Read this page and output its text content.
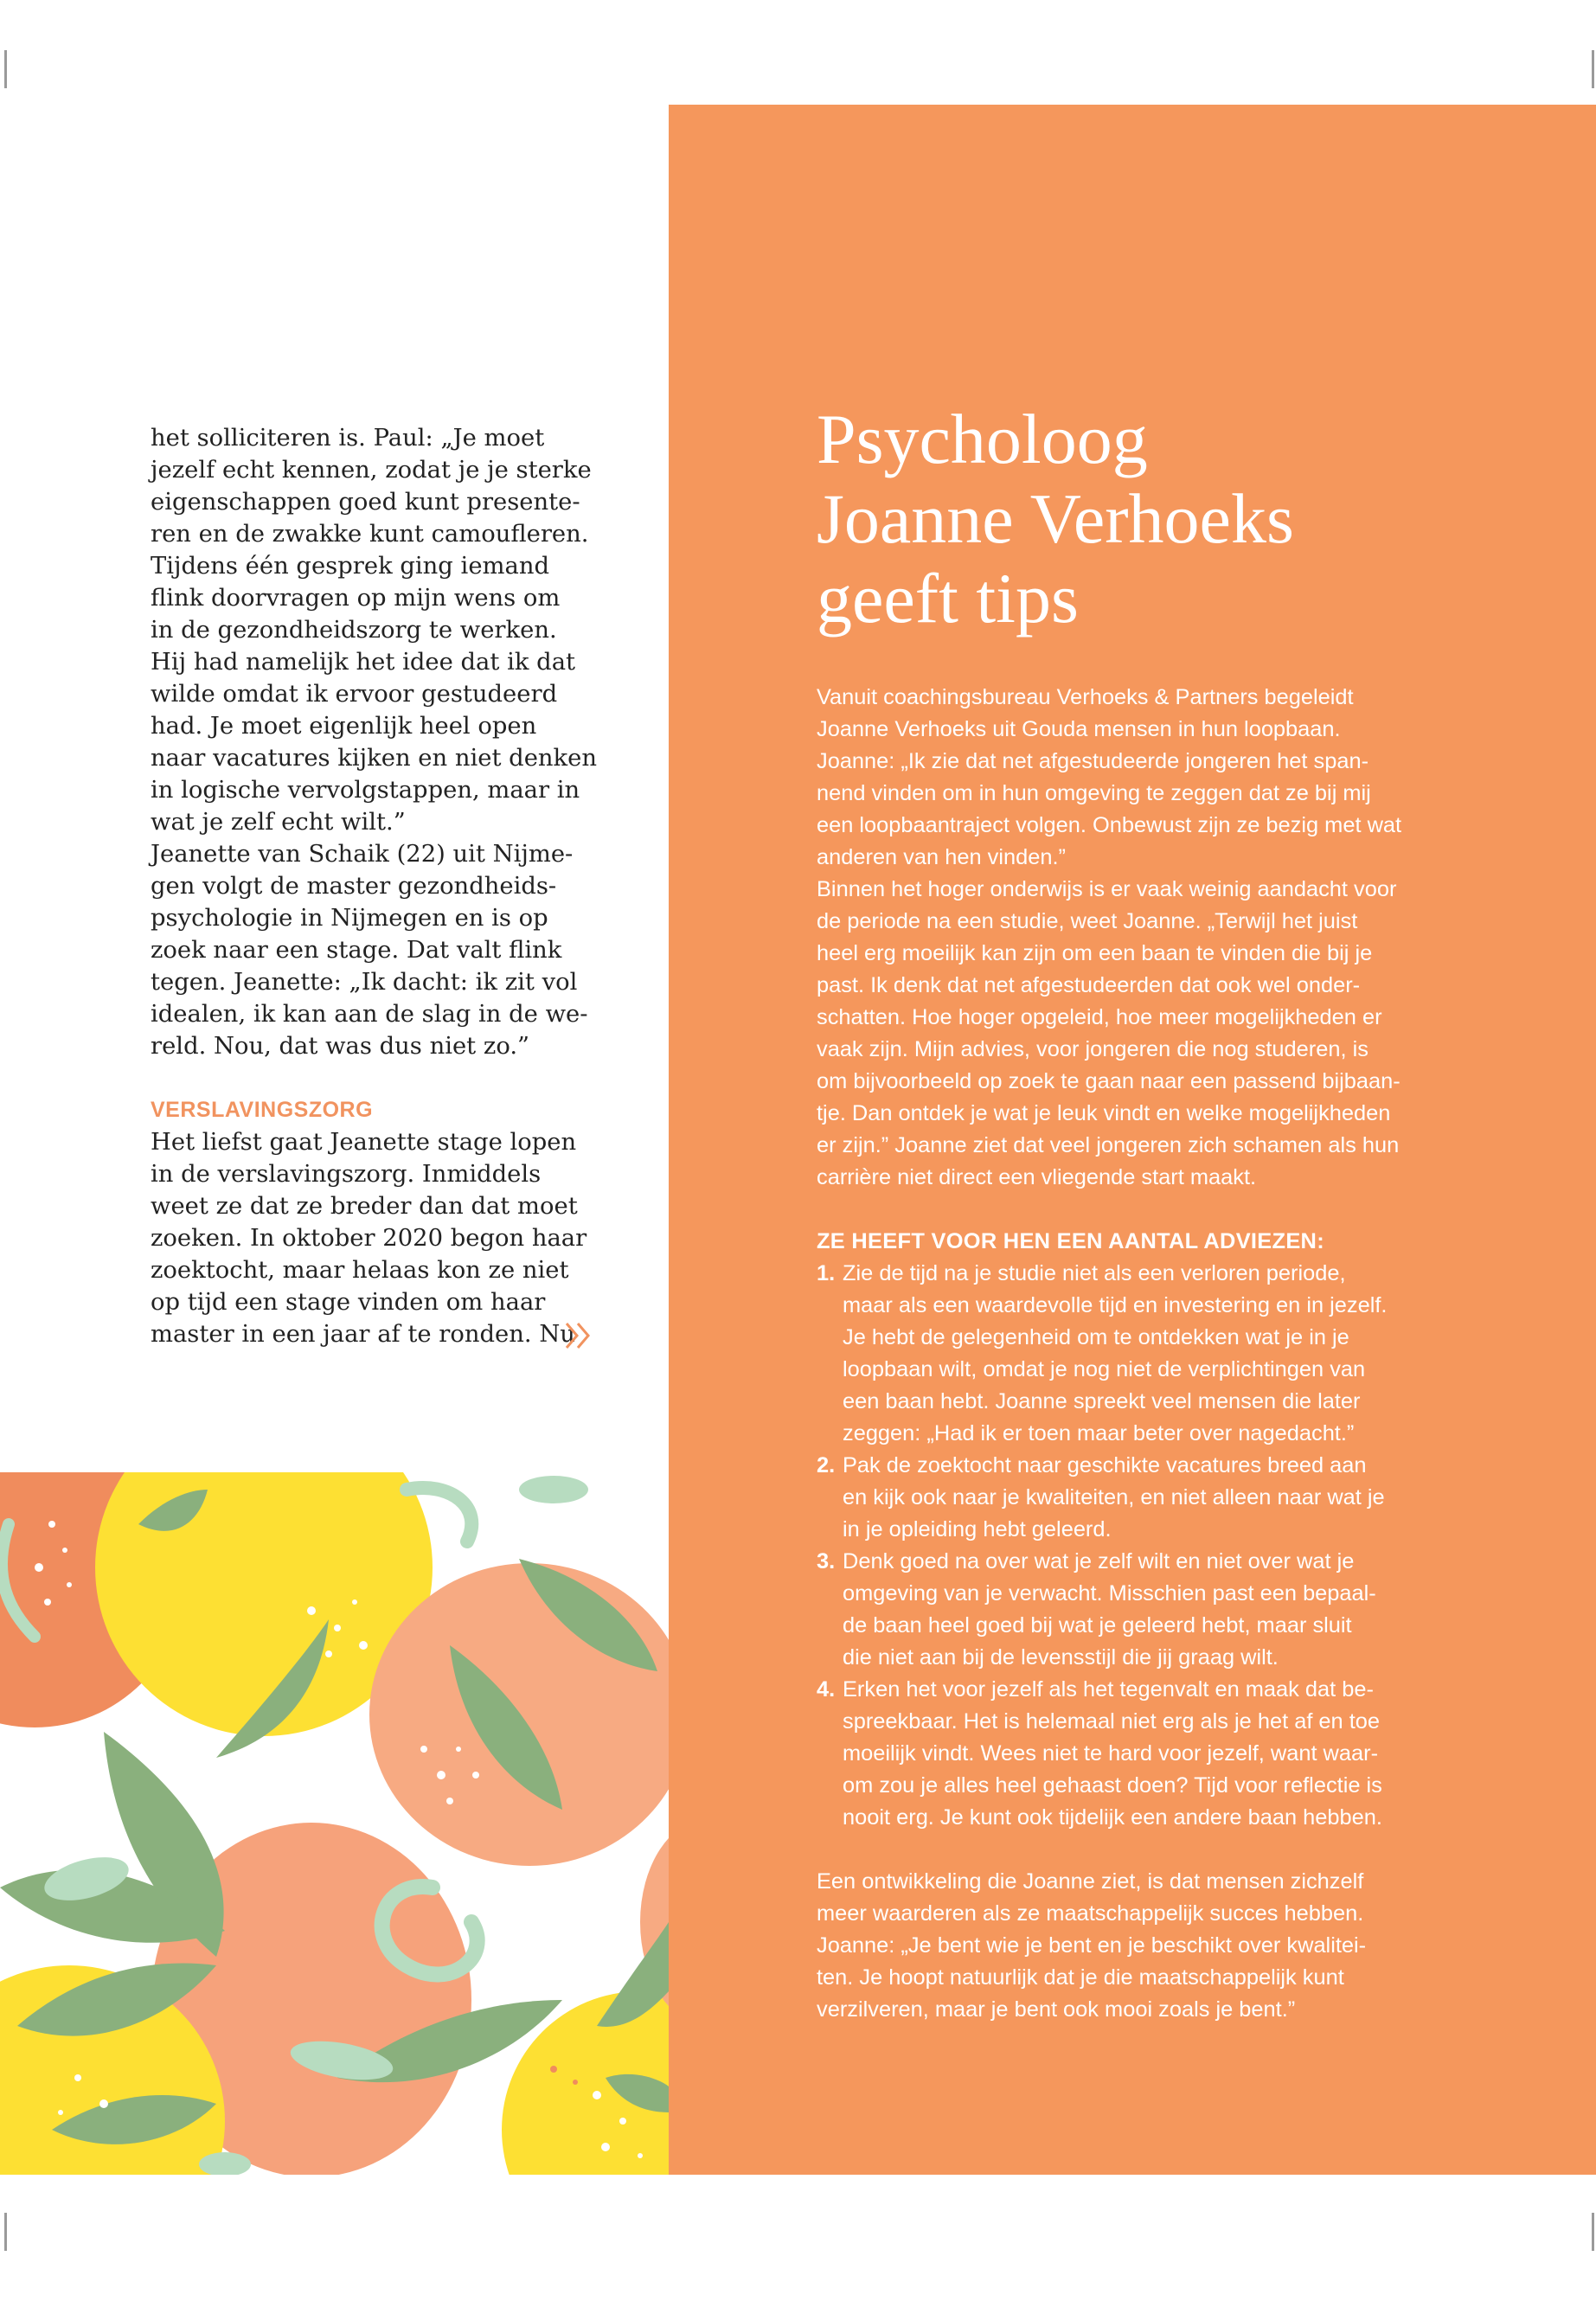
het solliciteren is. Paul: „Je moet

jezelf echt kennen, zodat je je sterke

eigenschappen goed kunt presente-

ren en de zwakke kunt camoufleren.

Tijdens één gesprek ging iemand

flink doorvragen op mijn wens om

in de gezondheidszorg te werken.

Hij had namelijk het idee dat ik dat

wilde omdat ik ervoor gestudeerd

had. Je moet eigenlijk heel open

naar vacatures kijken en niet denken

in logische vervolgstappen, maar in

wat je zelf echt wilt.”

Jeanette van Schaik (22) uit Nijme-

gen volgt de master gezondheids-

psychologie in Nijmegen en is op

zoek naar een stage. Dat valt flink

tegen. Jeanette: „Ik dacht: ik zit vol

idealen, ik kan aan de slag in de we-

reld. Nou, dat was dus niet zo.”

VERSLAVINGSZORG

Het liefst gaat Jeanette stage lopen

in de verslavingszorg. Inmiddels

weet ze dat ze breder dan dat moet

zoeken. In oktober 2020 begon haar

zoektocht, maar helaas kon ze niet

op tijd een stage vinden om haar

master in een jaar af te ronden. Nu

Psycholoog
Joanne Verhoeks
geeft tips

Vanuit coachingsbureau Verhoeks & Partners begeleidt

Joanne Verhoeks uit Gouda mensen in hun loopbaan.

Joanne: „Ik zie dat net afgestudeerde jongeren het span-

nend vinden om in hun omgeving te zeggen dat ze bij mij

een loopbaantraject volgen. Onbewust zijn ze bezig met wat

anderen van hen vinden.”

Binnen het hoger onderwijs is er vaak weinig aandacht voor

de periode na een studie, weet Joanne. „Terwijl het juist

heel erg moeilijk kan zijn om een baan te vinden die bij je

past. Ik denk dat net afgestudeerden dat ook wel onder-

schatten. Hoe hoger opgeleid, hoe meer mogelijkheden er

vaak zijn. Mijn advies, voor jongeren die nog studeren, is

om bijvoorbeeld op zoek te gaan naar een passend bijbaan-

tje. Dan ontdek je wat je leuk vindt en welke mogelijkheden

er zijn.” Joanne ziet dat veel jongeren zich schamen als hun

carrière niet direct een vliegende start maakt.

ZE HEEFT VOOR HEN EEN AANTAL ADVIEZEN:

1. Zie de tijd na je studie niet als een verloren periode,

maar als een waardevolle tijd en investering en in jezelf.

Je hebt de gelegenheid om te ontdekken wat je in je

loopbaan wilt, omdat je nog niet de verplichtingen van

een baan hebt. Joanne spreekt veel mensen die later

zeggen: „Had ik er toen maar beter over nagedacht.”

2. Pak de zoektocht naar geschikte vacatures breed aan

en kijk ook naar je kwaliteiten, en niet alleen naar wat je

in je opleiding hebt geleerd.

3. Denk goed na over wat je zelf wilt en niet over wat je

omgeving van je verwacht. Misschien past een bepaal-

de baan heel goed bij wat je geleerd hebt, maar sluit

die niet aan bij de levensstijl die jij graag wilt.

4. Erken het voor jezelf als het tegenvalt en maak dat be-

spreekbaar. Het is helemaal niet erg als je het af en toe

moeilijk vindt. Wees niet te hard voor jezelf, want waar-

om zou je alles heel gehaast doen? Tijd voor reflectie is

nooit erg. Je kunt ook tijdelijk een andere baan hebben.

Een ontwikkeling die Joanne ziet, is dat mensen zichzelf

meer waarderen als ze maatschappelijk succes hebben.

Joanne: „Je bent wie je bent en je beschikt over kwalitei-

ten. Je hoopt natuurlijk dat je die maatschappelijk kunt

verzilveren, maar je bent ook mooi zoals je bent.”
